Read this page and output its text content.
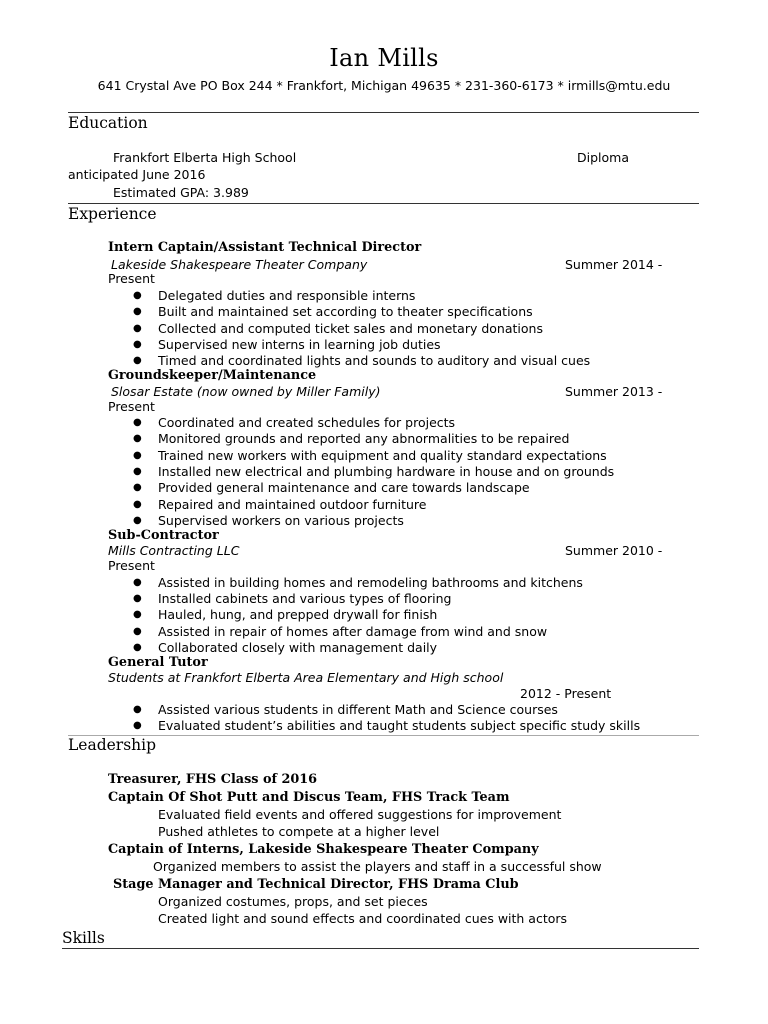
Ian Mills
641 Crystal Ave PO Box 244 * Frankfort, Michigan 49635 * 231-360-6173 * irmills@mtu.edu
Education
Frankfort Elberta High School	Diploma
anticipated June 2016
Estimated GPA: 3.989
Experience
Intern Captain/Assistant Technical Director
Lakeside Shakespeare Theater Company	Summer 2014 -
Present
● Delegated duties and responsible interns
● Built and maintained set according to theater specifications
● Collected and computed ticket sales and monetary donations
● Supervised new interns in learning job duties
● Timed and coordinated lights and sounds to auditory and visual cues
Groundskeeper/Maintenance
Slosar Estate (now owned by Miller Family)	Summer 2013 -
Present
● Coordinated and created schedules for projects
● Monitored grounds and reported any abnormalities to be repaired
● Trained new workers with equipment and quality standard expectations
● Installed new electrical and plumbing hardware in house and on grounds
● Provided general maintenance and care towards landscape
● Repaired and maintained outdoor furniture
● Supervised workers on various projects
Sub-Contractor
Mills Contracting LLC	Summer 2010 -
Present
● Assisted in building homes and remodeling bathrooms and kitchens
● Installed cabinets and various types of flooring
● Hauled, hung, and prepped drywall for finish
● Assisted in repair of homes after damage from wind and snow
● Collaborated closely with management daily
General Tutor
Students at Frankfort Elberta Area Elementary and High school
2012 - Present
● Assisted various students in different Math and Science courses
● Evaluated student’s abilities and taught students subject specific study skills
Leadership
Treasurer, FHS Class of 2016
Captain Of Shot Putt and Discus Team, FHS Track Team
Evaluated field events and offered suggestions for improvement
Pushed athletes to compete at a higher level
Captain of Interns, Lakeside Shakespeare Theater Company
Organized members to assist the players and staff in a successful show
Stage Manager and Technical Director, FHS Drama Club
Organized costumes, props, and set pieces
Created light and sound effects and coordinated cues with actors
Skills
